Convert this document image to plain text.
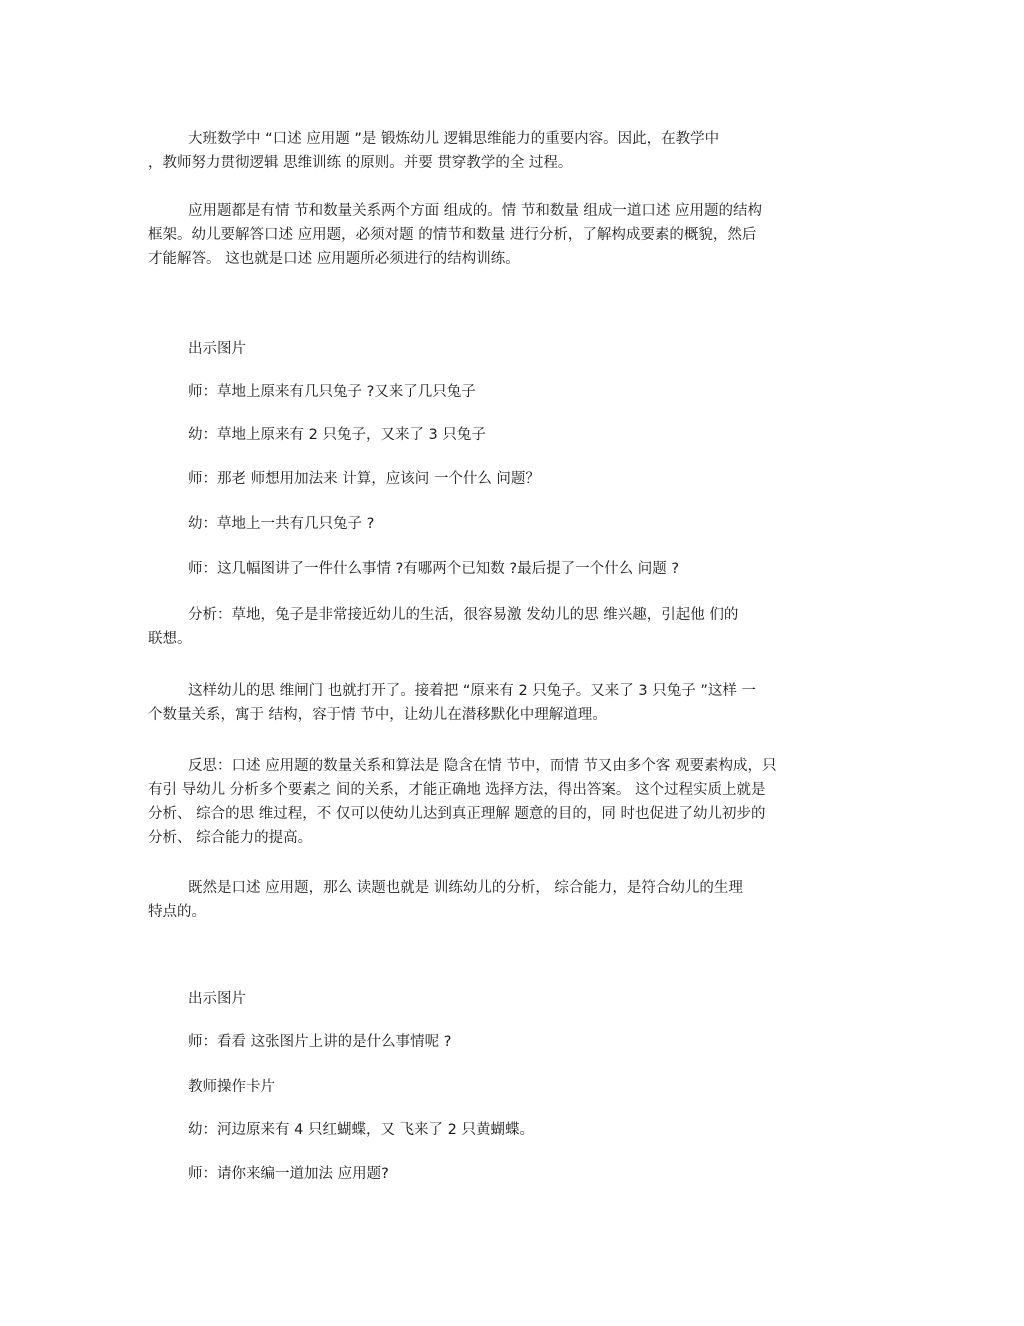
大班数学中 “口述 应用题 ”是 锻炼幼儿 逻辑思维能力的重要内容。因此，在教学中
，教师努力贯彻逻辑 思维训练 的原则。并要 贯穿教学的全 过程。
应用题都是有情 节和数量关系两个方面 组成的。情 节和数量 组成一道口述 应用题的结构
框架。幼儿要解答口述 应用题，必须对题 的情节和数量 进行分析，了解构成要素的概貌，然后
才能解答。 这也就是口述 应用题所必须进行的结构训练。
出示图片
师：草地上原来有几只兔子 ?又来了几只兔子
幼：草地上原来有 2 只兔子，又来了 3 只兔子
师：那老 师想用加法来 计算，应该问 一个什么 问题？
幼：草地上一共有几只兔子 ?
师：这几幅图讲了一件什么事情 ?有哪两个已知数 ?最后提了一个什么 问题 ?
分析：草地，兔子是非常接近幼儿的生活，很容易激 发幼儿的思 维兴趣，引起他 们的
联想。
这样幼儿的思 维闸门 也就打开了。接着把 “原来有 2 只兔子。又来了 3 只兔子 ”这样 一
个数量关系，寓于 结构，容于情 节中，让幼儿在潜移默化中理解道理。
反思：口述 应用题的数量关系和算法是 隐含在情 节中，而情 节又由多个客 观要素构成，只
有引 导幼儿 分析多个要素之 间的关系，才能正确地 选择方法，得出答案。 这个过程实质上就是
分析、 综合的思 维过程，不 仅可以使幼儿达到真正理解 题意的目的，同 时也促进了幼儿初步的
分析、 综合能力的提高。
既然是口述 应用题，那么 读题也就是 训练幼儿的分析， 综合能力，是符合幼儿的生理
特点的。
出示图片
师：看看 这张图片上讲的是什么事情呢 ?
教师操作卡片
幼：河边原来有 4 只红蝴蝶，又 飞来了 2 只黄蝴蝶。
师：请你来编一道加法 应用题?
